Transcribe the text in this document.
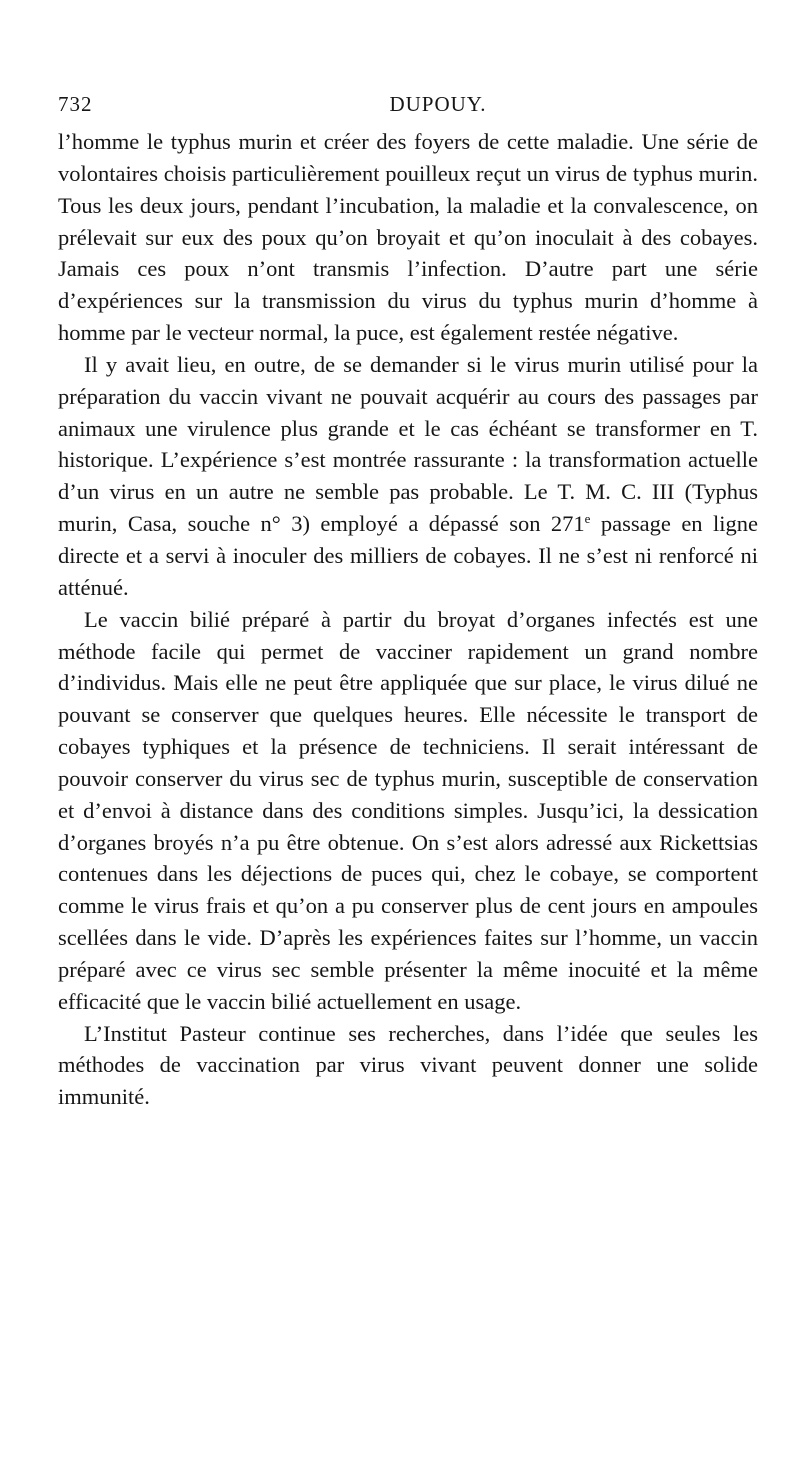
732	DUPOUY.

l’homme le typhus murin et créer des foyers de cette maladie. Une série de volontaires choisis particulièrement pouilleux reçut un virus de typhus murin. Tous les deux jours, pendant l’incubation, la maladie et la convalescence, on prélevait sur eux des poux qu’on broyait et qu’on inoculait à des cobayes. Jamais ces poux n’ont transmis l’infection. D’autre part une série d’expériences sur la transmission du virus du typhus murin d’homme à homme par le vecteur normal, la puce, est également restée négative.

Il y avait lieu, en outre, de se demander si le virus murin utilisé pour la préparation du vaccin vivant ne pouvait acquérir au cours des passages par animaux une virulence plus grande et le cas échéant se transformer en T. historique. L’expérience s’est montrée rassurante : la transformation actuelle d’un virus en un autre ne semble pas probable. Le T. M. C. III (Typhus murin, Casa, souche n° 3) employé a dépassé son 271e passage en ligne directe et a servi à inoculer des milliers de cobayes. Il ne s’est ni renforcé ni atténué.

Le vaccin bilié préparé à partir du broyat d’organes infectés est une méthode facile qui permet de vacciner rapidement un grand nombre d’individus. Mais elle ne peut être appliquée que sur place, le virus dilué ne pouvant se conserver que quelques heures. Elle nécessite le transport de cobayes typhiques et la présence de techniciens. Il serait intéressant de pouvoir conserver du virus sec de typhus murin, susceptible de conservation et d’envoi à distance dans des conditions simples. Jusqu’ici, la dessication d’organes broyés n’a pu être obtenue. On s’est alors adressé aux Rickettsias contenues dans les déjections de puces qui, chez le cobaye, se comportent comme le virus frais et qu’on a pu conserver plus de cent jours en ampoules scellées dans le vide. D’après les expériences faites sur l’homme, un vaccin préparé avec ce virus sec semble présenter la même inocuité et la même efficacité que le vaccin bilié actuellement en usage.

L’Institut Pasteur continue ses recherches, dans l’idée que seules les méthodes de vaccination par virus vivant peuvent donner une solide immunité.
